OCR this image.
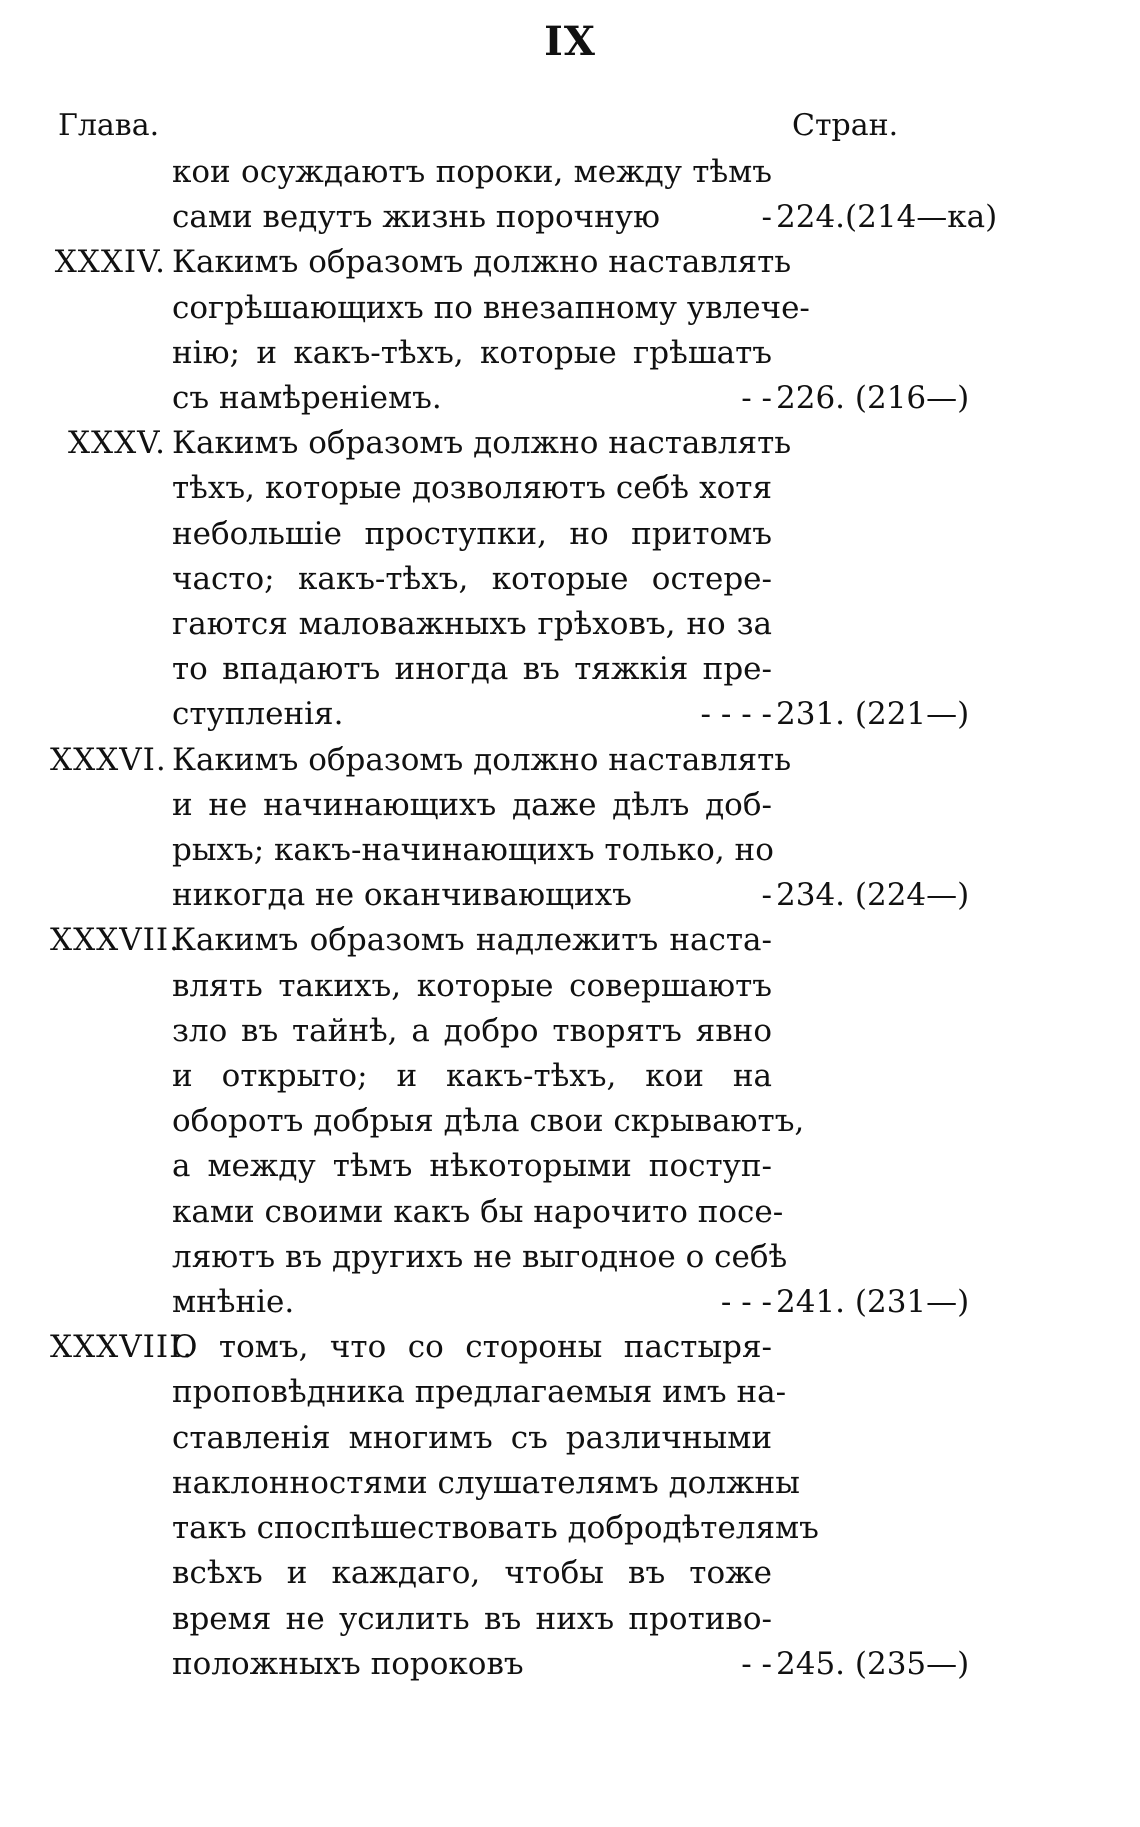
IX
Глава.	Стран.
кои осуждаютъ пороки, между тѣмъ
сами ведутъ жизнь порочную	- 224.(214—ка)
XXXIV. Какимъ образомъ должно наставлять
согрѣшающихъ по внезапному увлече-
нію; и какъ-тѣхъ, которые грѣшатъ
съ намѣреніемъ.	- - 226. (216—)
XXXV. Какимъ образомъ должно наставлять
тѣхъ, которые дозволяютъ себѣ хотя
небольшіе проступки, но притомъ
часто; какъ-тѣхъ, которые остере-
гаются маловажныхъ грѣховъ, но за
то впадаютъ иногда въ тяжкія пре-
ступленія.	- - - - 231. (221—)
XXXVI. Какимъ образомъ должно наставлять
и не начинающихъ даже дѣлъ доб-
рыхъ; какъ-начинающихъ только, но
никогда не оканчивающихъ	- 234. (224—)
XXXVII.
Какимъ образомъ надлежитъ наста-
влять такихъ, которые совершаютъ
зло въ тайнѣ, а добро творятъ явно
и открыто; и какъ-тѣхъ, кои на
оборотъ добрыя дѣла свои скрываютъ,
а между тѣмъ нѣкоторыми поступ-
ками своими какъ бы нарочито посе-
ляютъ въ другихъ не выгодное о себѣ
мнѣніе.	- - - 241. (231—)
XXXVIII.
О томъ, что со стороны пастыря-
проповѣдника предлагаемыя имъ на-
ставленія многимъ съ различными
наклонностями слушателямъ должны
такъ споспѣшествовать добродѣтелямъ
всѣхъ и каждаго, чтобы въ тоже
время не усилить въ нихъ противо-
положныхъ пороковъ	- - 245. (235—)
